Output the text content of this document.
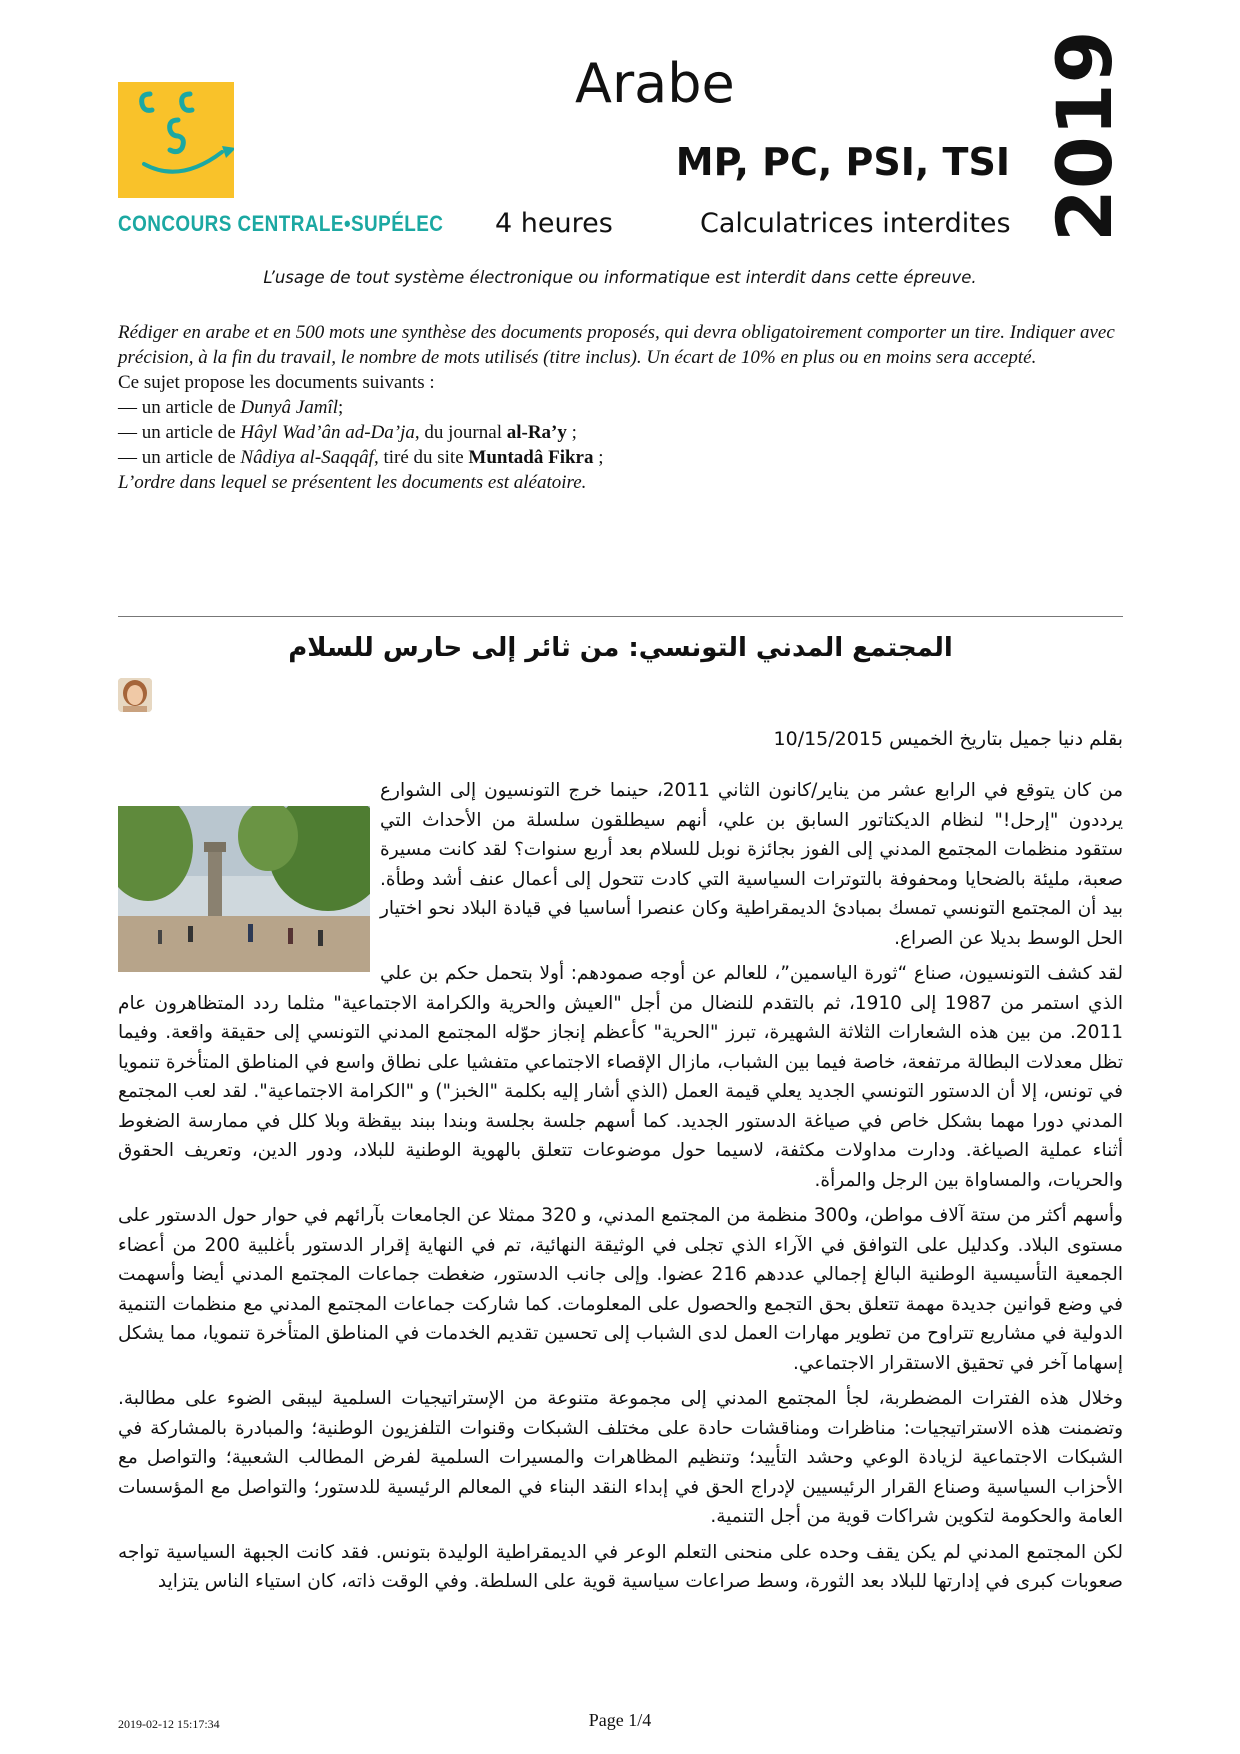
CONCOURS CENTRALE•SUPÉLEC
Arabe
MP, PC, PSI, TSI
4 heures	Calculatrices interdites 2019
L’usage de tout système électronique ou informatique est interdit dans cette épreuve.

Rédiger en arabe et en 500 mots une synthèse des documents proposés, qui devra obligatoirement comporter un tire. Indiquer avec précision, à la fin du travail, le nombre de mots utilisés (titre inclus). Un écart de 10% en plus ou en moins sera accepté.

Ce sujet propose les documents suivants :

— un article de Dunyâ Jamîl;

— un article de Hâyl Wad’ân ad-Da’ja, du journal al-Ra’y ;

— un article de Nâdiya al-Saqqâf, tiré du site Muntadâ Fikra ;

L’ordre dans lequel se présentent les documents est aléatoire.

المجتمع المدني التونسي: من ثائر إلى حارس للسلام
بقلم دنيا جميل بتاريخ الخميس 10/15/2015

من كان يتوقع في الرابع عشر من يناير/كانون الثاني 2011، حينما خرج التونسيون إلى الشوارع يرددون "إرحل!" لنظام الديكتاتور السابق بن علي، أنهم سيطلقون سلسلة من الأحداث التي ستقود منظمات المجتمع المدني إلى الفوز بجائزة نوبل للسلام بعد أربع سنوات؟ لقد كانت مسيرة صعبة، مليئة بالضحايا ومحفوفة بالتوترات السياسية التي كادت تتحول إلى أعمال عنف أشد وطأة. بيد أن المجتمع التونسي تمسك بمبادئ الديمقراطية وكان عنصرا أساسيا في قيادة البلاد نحو اختيار الحل الوسط بديلا عن الصراع.

لقد كشف التونسيون، صناع “ثورة الياسمين”، للعالم عن أوجه صمودهم: أولا بتحمل حكم بن علي الذي استمر من 1987 إلى 1910، ثم بالتقدم للنضال من أجل "العيش والحرية والكرامة الاجتماعية" مثلما ردد المتظاهرون عام 2011. من بين هذه الشعارات الثلاثة الشهيرة، تبرز "الحرية" كأعظم إنجاز حوّله المجتمع المدني التونسي إلى حقيقة واقعة. وفيما تظل معدلات البطالة مرتفعة، خاصة فيما بين الشباب، مازال الإقصاء الاجتماعي متفشيا على نطاق واسع في المناطق المتأخرة تنمويا في تونس، إلا أن الدستور التونسي الجديد يعلي قيمة العمل (الذي أشار إليه بكلمة "الخبز") و "الكرامة الاجتماعية". لقد لعب المجتمع المدني دورا مهما بشكل خاص في صياغة الدستور الجديد. كما أسهم جلسة بجلسة وبندا ببند بيقظة وبلا كلل في ممارسة الضغوط أثناء عملية الصياغة. ودارت مداولات مكثفة، لاسيما حول موضوعات تتعلق بالهوية الوطنية للبلاد، ودور الدين، وتعريف الحقوق والحريات، والمساواة بين الرجل والمرأة.

وأسهم أكثر من ستة آلاف مواطن، و300 منظمة من المجتمع المدني، و 320 ممثلا عن الجامعات بآرائهم في حوار حول الدستور على مستوى البلاد. وكدليل على التوافق في الآراء الذي تجلى في الوثيقة النهائية، تم في النهاية إقرار الدستور بأغلبية 200 من أعضاء الجمعية التأسيسية الوطنية البالغ إجمالي عددهم 216 عضوا. وإلى جانب الدستور، ضغطت جماعات المجتمع المدني أيضا وأسهمت في وضع قوانين جديدة مهمة تتعلق بحق التجمع والحصول على المعلومات. كما شاركت جماعات المجتمع المدني مع منظمات التنمية الدولية في مشاريع تتراوح من تطوير مهارات العمل لدى الشباب إلى تحسين تقديم الخدمات في المناطق المتأخرة تنمويا، مما يشكل إسهاما آخر في تحقيق الاستقرار الاجتماعي.

وخلال هذه الفترات المضطربة، لجأ المجتمع المدني إلى مجموعة متنوعة من الإستراتيجيات السلمية ليبقى الضوء على مطالبة. وتضمنت هذه الاستراتيجيات: مناظرات ومناقشات حادة على مختلف الشبكات وقنوات التلفزيون الوطنية؛ والمبادرة بالمشاركة في الشبكات الاجتماعية لزيادة الوعي وحشد التأييد؛ وتنظيم المظاهرات والمسيرات السلمية لفرض المطالب الشعبية؛ والتواصل مع الأحزاب السياسية وصناع القرار الرئيسيين لإدراج الحق في إبداء النقد البناء في المعالم الرئيسية للدستور؛ والتواصل مع المؤسسات العامة والحكومة لتكوين شراكات قوية من أجل التنمية.

لكن المجتمع المدني لم يكن يقف وحده على منحنى التعلم الوعر في الديمقراطية الوليدة بتونس. فقد كانت الجبهة السياسية تواجه صعوبات كبرى في إدارتها للبلاد بعد الثورة، وسط صراعات سياسية قوية على السلطة. وفي الوقت ذاته، كان استياء الناس يتزايد

2019-02-12 15:17:34	Page 1/4
